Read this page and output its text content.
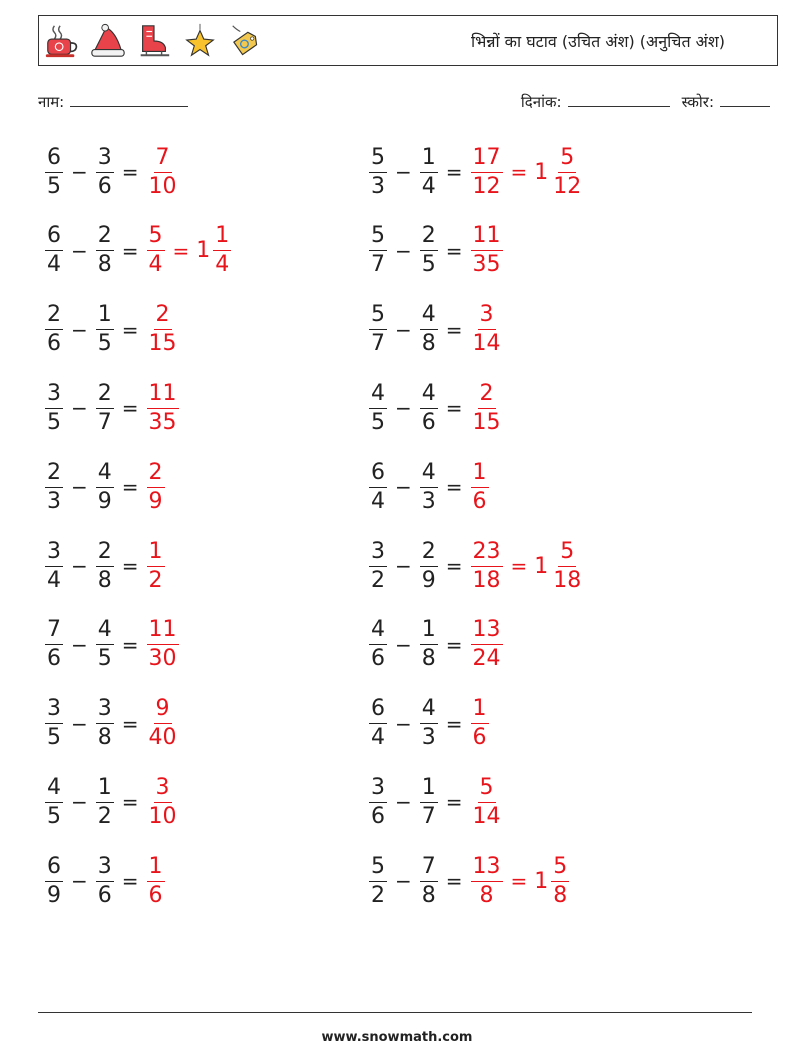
भिन्नों का घटाव (उचित अंश) (अनुचित अंश)
नाम:	दिनांक:	स्कोर:
$\frac{6}{5} - \frac{3}{6} = \frac{7}{10}$	$\frac{5}{3} - \frac{1}{4} = \frac{17}{12} = 1 \frac{5}{12}$
$\frac{6}{4} - \frac{2}{8} = \frac{5}{4} = 1 \frac{1}{4}$	$\frac{5}{7} - \frac{2}{5} = \frac{11}{35}$
$\frac{2}{6} - \frac{1}{5} = \frac{2}{15}$	$\frac{5}{7} - \frac{4}{8} = \frac{3}{14}$
$\frac{3}{5} - \frac{2}{7} = \frac{11}{35}$	$\frac{4}{5} - \frac{4}{6} = \frac{2}{15}$
$\frac{2}{3} - \frac{4}{9} = \frac{2}{9}$	$\frac{6}{4} - \frac{4}{3} = \frac{1}{6}$
$\frac{3}{4} - \frac{2}{8} = \frac{1}{2}$	$\frac{3}{2} - \frac{2}{9} = \frac{23}{18} = 1 \frac{5}{18}$
$\frac{7}{6} - \frac{4}{5} = \frac{11}{30}$	$\frac{4}{6} - \frac{1}{8} = \frac{13}{24}$
$\frac{3}{5} - \frac{3}{8} = \frac{9}{40}$	$\frac{6}{4} - \frac{4}{3} = \frac{1}{6}$
$\frac{4}{5} - \frac{1}{2} = \frac{3}{10}$	$\frac{3}{6} - \frac{1}{7} = \frac{5}{14}$
$\frac{6}{9} - \frac{3}{6} = \frac{1}{6}$	$\frac{5}{2} - \frac{7}{8} = \frac{13}{8} = 1 \frac{5}{8}$
www.snowmath.com
